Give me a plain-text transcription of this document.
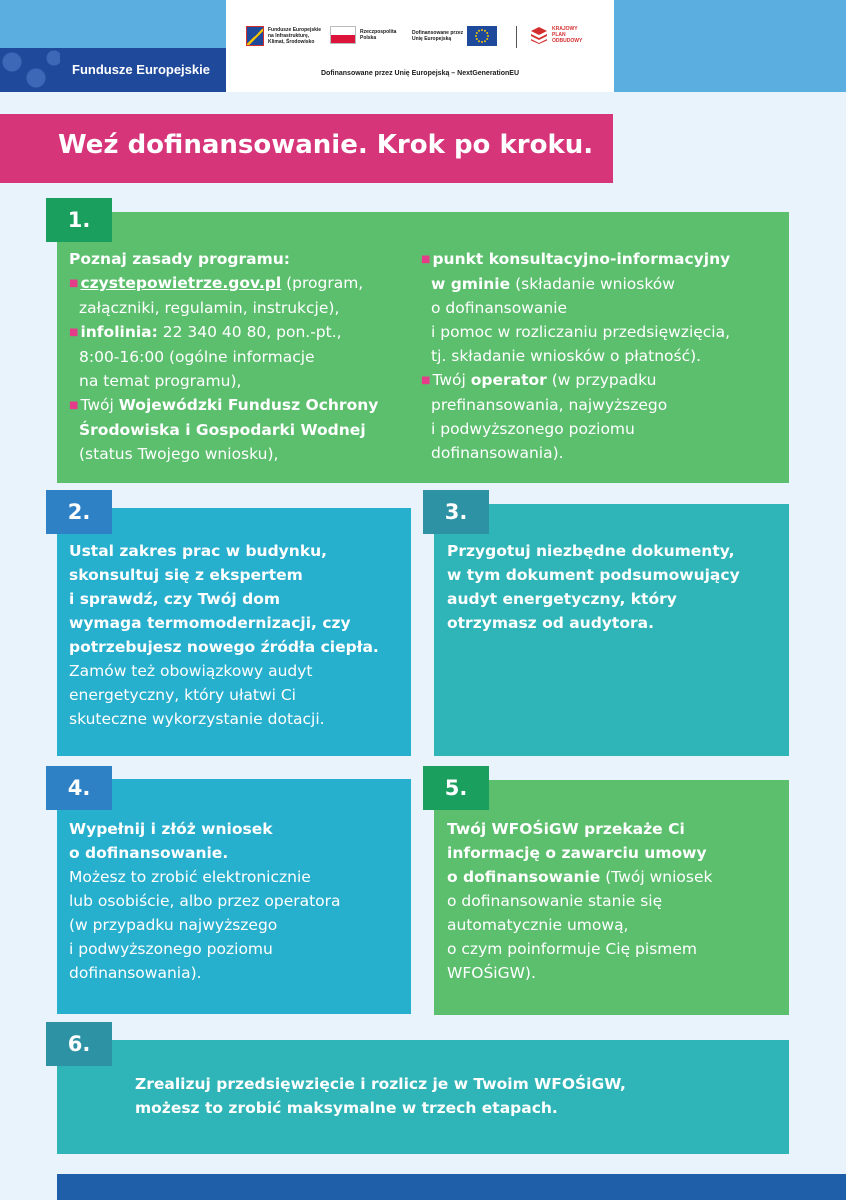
Fundusze Europejskie
Fundusze Europejskie
na Infrastrukturę,
Klimat, Środowisko
Rzeczpospolita
Polska
Dofinansowane przez
Unię Europejską
KRAJOWY
PLAN
ODBUDOWY
Dofinansowane przez Unię Europejską – NextGenerationEU
Weź dofinansowanie. Krok po kroku.
1.
Poznaj zasady programu:
■ czystepowietrze.gov.pl (program,
załączniki, regulamin, instrukcje),
■ infolinia: 22 340 40 80, pon.-pt.,
8:00-16:00 (ogólne informacje
na temat programu),
■ Twój Wojewódzki Fundusz Ochrony
Środowiska i Gospodarki Wodnej
(status Twojego wniosku),
■ punkt konsultacyjno-informacyjny
w gminie (składanie wniosków
o dofinansowanie
i pomoc w rozliczaniu przedsięwzięcia,
tj. składanie wniosków o płatność).
■ Twój operator (w przypadku
prefinansowania, najwyższego
i podwyższonego poziomu
dofinansowania).
2.
Ustal zakres prac w budynku,
skonsultuj się z ekspertem
i sprawdź, czy Twój dom
wymaga termomodernizacji, czy
potrzebujesz nowego źródła ciepła.
Zamów też obowiązkowy audyt
energetyczny, który ułatwi Ci
skuteczne wykorzystanie dotacji.
3.
Przygotuj niezbędne dokumenty,
w tym dokument podsumowujący
audyt energetyczny, który
otrzymasz od audytora.
4.
Wypełnij i złóż wniosek
o dofinansowanie.
Możesz to zrobić elektronicznie
lub osobiście, albo przez operatora
(w przypadku najwyższego
i podwyższonego poziomu
dofinansowania).
5.
Twój WFOŚiGW przekaże Ci
informację o zawarciu umowy
o dofinansowanie (Twój wniosek
o dofinansowanie stanie się
automatycznie umową,
o czym poinformuje Cię pismem
WFOŚiGW).
6.
Zrealizuj przedsięwzięcie i rozlicz je w Twoim WFOŚiGW,
możesz to zrobić maksymalne w trzech etapach.
